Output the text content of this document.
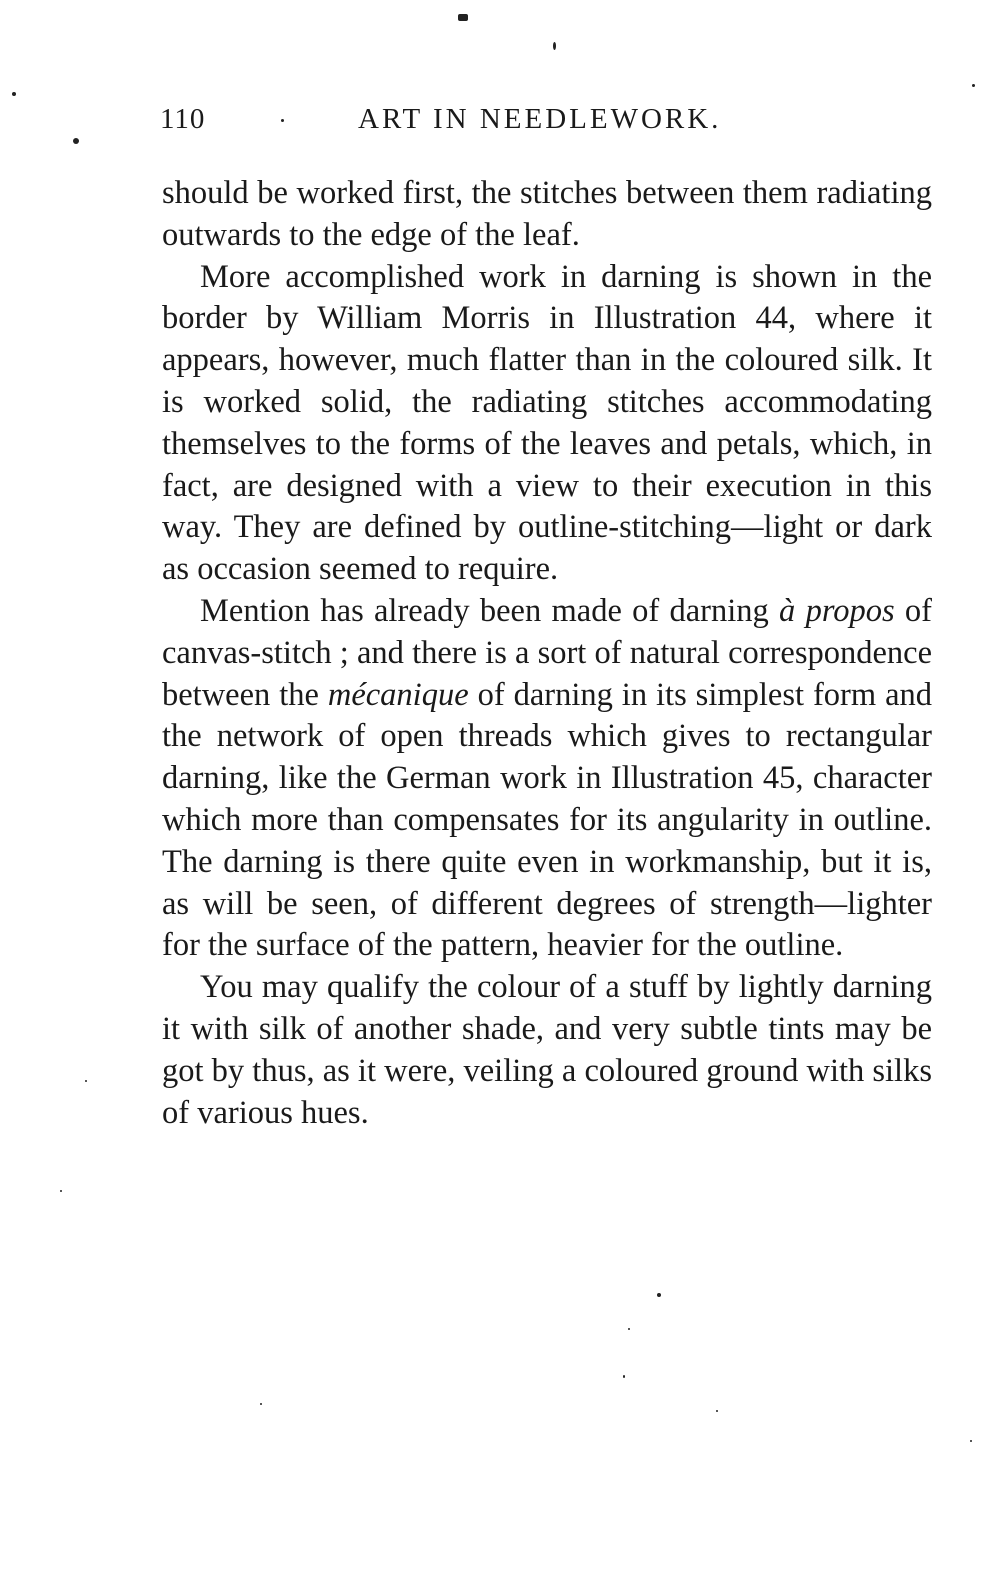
110	ART IN NEEDLEWORK.

should be worked first, the stitches between them radiating outwards to the edge of the leaf.

More accomplished work in darning is shown in the border by William Morris in Illustration 44, where it appears, however, much flatter than in the coloured silk. It is worked solid, the radiating stitches accommodating themselves to the forms of the leaves and petals, which, in fact, are designed with a view to their execution in this way. They are defined by outline-stitching—light or dark as occasion seemed to require.

Mention has already been made of darning à propos of canvas-stitch ; and there is a sort of natural correspondence between the mécanique of darning in its simplest form and the network of open threads which gives to rectangular darning, like the German work in Illustration 45, character which more than compensates for its angularity in outline. The darning is there quite even in workmanship, but it is, as will be seen, of different degrees of strength—lighter for the surface of the pattern, heavier for the outline.

You may qualify the colour of a stuff by lightly darning it with silk of another shade, and very subtle tints may be got by thus, as it were, veiling a coloured ground with silks of various hues.
